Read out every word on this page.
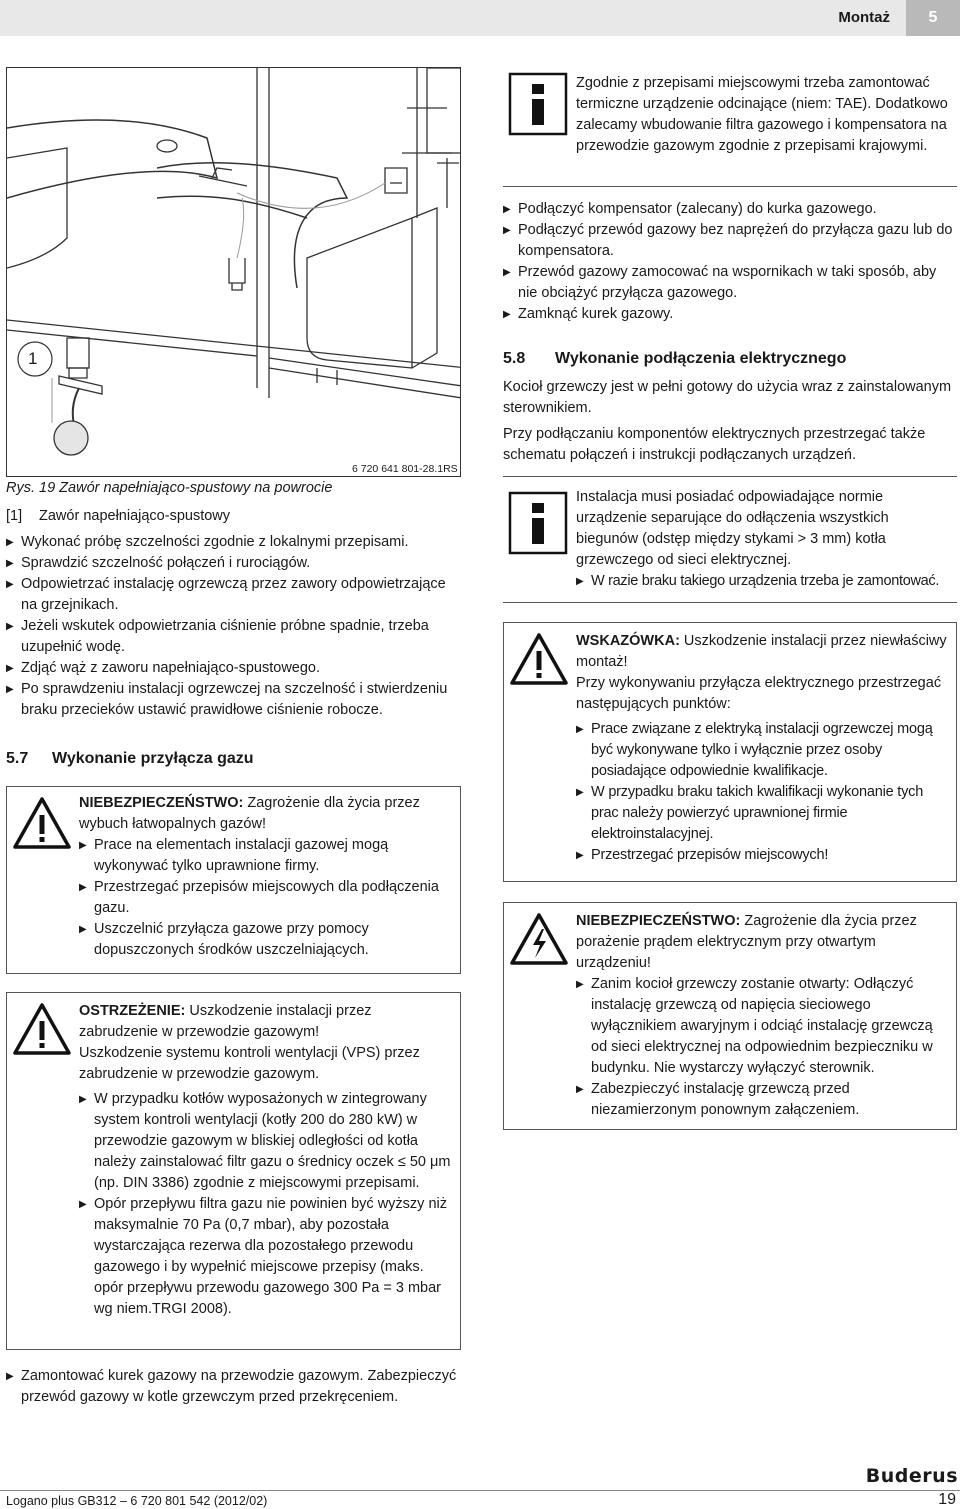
Montaż	5
1
6 720 641 801-28.1RS
Rys. 19 Zawór napełniająco-spustowy na powrocie
[1] Zawór napełniająco-spustowy
▶ Wykonać próbę szczelności zgodnie z lokalnymi przepisami.
▶ Sprawdzić szczelność połączeń i rurociągów.
▶ Odpowietrzać instalację ogrzewczą przez zawory odpowietrzające na grzejnikach.
▶ Jeżeli wskutek odpowietrzania ciśnienie próbne spadnie, trzeba uzupełnić wodę.
▶ Zdjąć wąż z zaworu napełniająco-spustowego.
▶ Po sprawdzeniu instalacji ogrzewczej na szczelność i stwierdzeniu braku przecieków ustawić prawidłowe ciśnienie robocze.
5.7 Wykonanie przyłącza gazu
NIEBEZPIECZEŃSTWO: Zagrożenie dla życia przez wybuch łatwopalnych gazów!
▶ Prace na elementach instalacji gazowej mogą wykonywać tylko uprawnione firmy.
▶ Przestrzegać przepisów miejscowych dla podłączenia gazu.
▶ Uszczelnić przyłącza gazowe przy pomocy dopuszczonych środków uszczelniających.
OSTRZEŻENIE: Uszkodzenie instalacji przez zabrudzenie w przewodzie gazowym!
Uszkodzenie systemu kontroli wentylacji (VPS) przez zabrudzenie w przewodzie gazowym.
▶ W przypadku kotłów wyposażonych w zintegrowany system kontroli wentylacji (kotły 200 do 280 kW) w przewodzie gazowym w bliskiej odległości od kotła należy zainstalować filtr gazu o średnicy oczek ≤ 50 μm (np. DIN 3386) zgodnie z miejscowymi przepisami.
▶ Opór przepływu filtra gazu nie powinien być wyższy niż maksymalnie 70 Pa (0,7 mbar), aby pozostała wystarczająca rezerwa dla pozostałego przewodu gazowego i by wypełnić miejscowe przepisy (maks. opór przepływu przewodu gazowego 300 Pa = 3 mbar wg niem.TRGI 2008).
▶ Zamontować kurek gazowy na przewodzie gazowym. Zabezpieczyć przewód gazowy w kotle grzewczym przed przekręceniem.
Zgodnie z przepisami miejscowymi trzeba zamontować termiczne urządzenie odcinające (niem: TAE). Dodatkowo zalecamy wbudowanie filtra gazowego i kompensatora na przewodzie gazowym zgodnie z przepisami krajowymi.
▶ Podłączyć kompensator (zalecany) do kurka gazowego.
▶ Podłączyć przewód gazowy bez naprężeń do przyłącza gazu lub do kompensatora.
▶ Przewód gazowy zamocować na wspornikach w taki sposób, aby nie obciążyć przyłącza gazowego.
▶ Zamknąć kurek gazowy.
5.8 Wykonanie podłączenia elektrycznego
Kocioł grzewczy jest w pełni gotowy do użycia wraz z zainstalowanym sterownikiem.
Przy podłączaniu komponentów elektrycznych przestrzegać także schematu połączeń i instrukcji podłączanych urządzeń.
Instalacja musi posiadać odpowiadające normie urządzenie separujące do odłączenia wszystkich biegunów (odstęp między stykami > 3 mm) kotła grzewczego od sieci elektrycznej.
▶ W razie braku takiego urządzenia trzeba je zamontować.
WSKAZÓWKA: Uszkodzenie instalacji przez niewłaściwy montaż!
Przy wykonywaniu przyłącza elektrycznego przestrzegać następujących punktów:
▶ Prace związane z elektryką instalacji ogrzewczej mogą być wykonywane tylko i wyłącznie przez osoby posiadające odpowiednie kwalifikacje.
▶ W przypadku braku takich kwalifikacji wykonanie tych prac należy powierzyć uprawnionej firmie elektroinstalacyjnej.
▶ Przestrzegać przepisów miejscowych!
NIEBEZPIECZEŃSTWO: Zagrożenie dla życia przez porażenie prądem elektrycznym przy otwartym urządzeniu!
▶ Zanim kocioł grzewczy zostanie otwarty: Odłączyć instalację grzewczą od napięcia sieciowego wyłącznikiem awaryjnym i odciąć instalację grzewczą od sieci elektrycznej na odpowiednim bezpieczniku w budynku. Nie wystarczy wyłączyć sterownik.
▶ Zabezpieczyć instalację grzewczą przed niezamierzonym ponownym załączeniem.
Buderus
Logano plus GB312 – 6 720 801 542 (2012/02)	19
